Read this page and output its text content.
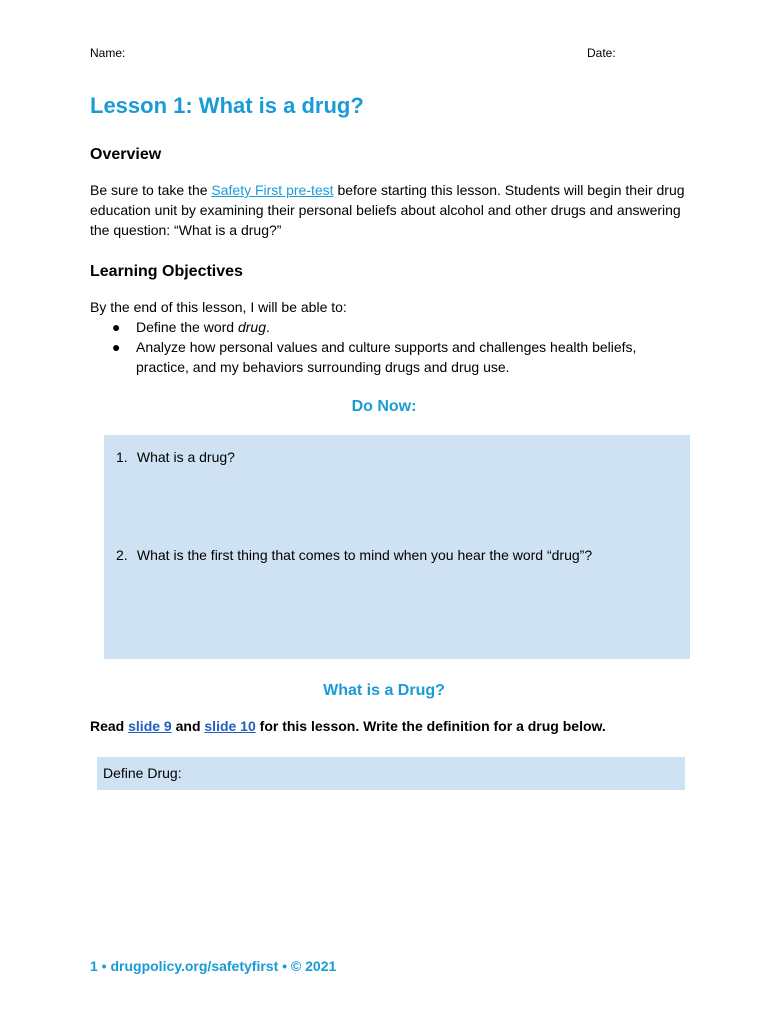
Name:	Date:
Lesson 1: What is a drug?
Overview

Be sure to take the Safety First pre-test before starting this lesson. Students will begin their drug education unit by examining their personal beliefs about alcohol and other drugs and answering the question: “What is a drug?”

Learning Objectives

By the end of this lesson, I will be able to:

● Define the word drug.
● Analyze how personal values and culture supports and challenges health beliefs, practice, and my behaviors surrounding drugs and drug use.
Do Now:
1. What is a drug?
2. What is the first thing that comes to mind when you hear the word “drug”?
What is a Drug?

Read slide 9 and slide 10 for this lesson. Write the definition for a drug below.

Define Drug:
1 • drugpolicy.org/safetyfirst • © 2021
